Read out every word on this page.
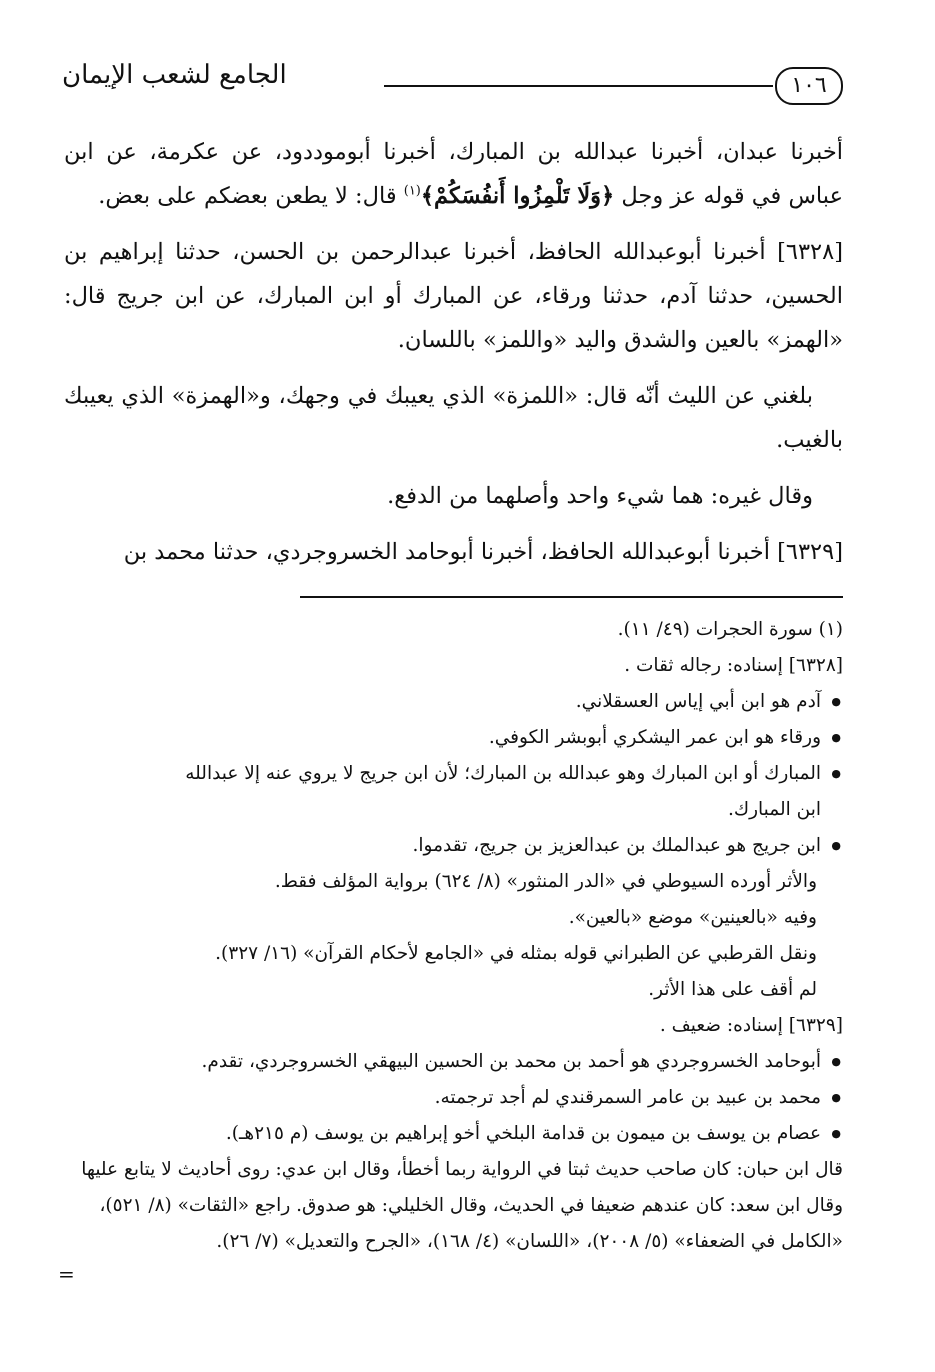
١٠٦
الجامع لشعب الإيمان

أخبرنا عبدان، أخبرنا عبدالله بن المبارك، أخبرنا أبوموددود، عن عكرمة، عن ابن عباس في قوله عز وجل ﴿وَلَا تَلْمِزُوا أَنفُسَكُمْ﴾$^{(١)}$ قال: لا يطعن بعضكم على بعض.

[٦٣٢٨] أخبرنا أبوعبدالله الحافظ، أخبرنا عبدالرحمن بن الحسن، حدثنا إبراهيم بن الحسين، حدثنا آدم، حدثنا ورقاء، عن المبارك أو ابن المبارك، عن ابن جريج قال: «الهمز» بالعين والشدق واليد «واللمز» باللسان.

بلغني عن الليث أنّه قال: «اللمزة» الذي يعيبك في وجهك، و«الهمزة» الذي يعيبك بالغيب.

وقال غيره: هما شيء واحد وأصلهما من الدفع.

[٦٣٢٩] أخبرنا أبوعبدالله الحافظ، أخبرنا أبوحامد الخسروجردي، حدثنا محمد بن

(١) سورة الحجرات (٤٩/ ١١).

[٦٣٢٨] إسناده: رجاله ثقات .

● آدم هو ابن أبي إياس العسقلاني.

● ورقاء هو ابن عمر اليشكري أبوبشر الكوفي.

● المبارك أو ابن المبارك وهو عبدالله بن المبارك؛ لأن ابن جريج لا يروي عنه إلا عبدالله

ابن المبارك.

● ابن جريج هو عبدالملك بن عبدالعزيز بن جريج، تقدموا.

والأثر أورده السيوطي في «الدر المنثور» (٨/ ٦٢٤) برواية المؤلف فقط.

وفيه «بالعينين» موضع «بالعين».

ونقل القرطبي عن الطبراني قوله بمثله في «الجامع لأحكام القرآن» (١٦/ ٣٢٧).

لم أقف على هذا الأثر.

[٦٣٢٩] إسناده: ضعيف .

● أبوحامد الخسروجردي هو أحمد بن محمد بن الحسين البيهقي الخسروجردي، تقدم.

● محمد بن عبيد بن عامر السمرقندي لم أجد ترجمته.

● عصام بن يوسف بن ميمون بن قدامة البلخي أخو إبراهيم بن يوسف (م ٢١٥هـ).

قال ابن حبان: كان صاحب حديث ثبتا في الرواية ربما أخطأ، وقال ابن عدي: روى أحاديث لا يتابع عليها وقال ابن سعد: كان عندهم ضعيفا في الحديث، وقال الخليلي: هو صدوق. راجع «الثقات» (٨/ ٥٢١)، «الكامل في الضعفاء» (٥/ ٢٠٠٨)، «اللسان» (٤/ ١٦٨)، «الجرح والتعديل» (٧/ ٢٦).

=
